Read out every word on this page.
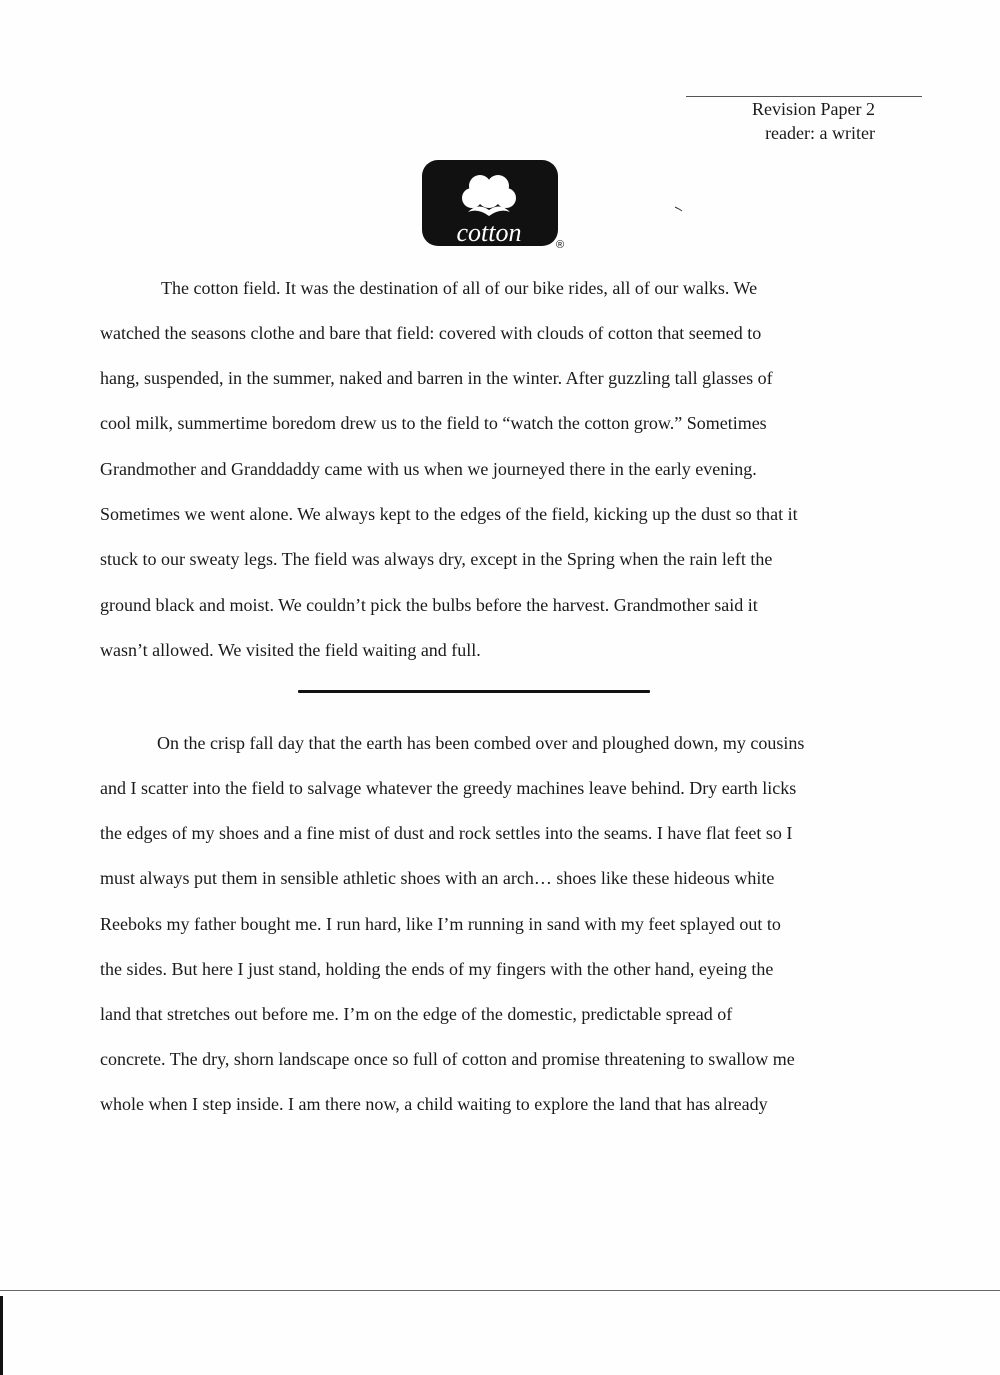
Revision Paper 2
reader: a writer
cotton	®
The cotton field. It was the destination of all of our bike rides, all of our walks. We
watched the seasons clothe and bare that field: covered with clouds of cotton that seemed to
hang, suspended, in the summer, naked and barren in the winter. After guzzling tall glasses of
cool milk, summertime boredom drew us to the field to “watch the cotton grow.” Sometimes
Grandmother and Granddaddy came with us when we journeyed there in the early evening.
Sometimes we went alone. We always kept to the edges of the field, kicking up the dust so that it
stuck to our sweaty legs. The field was always dry, except in the Spring when the rain left the
ground black and moist. We couldn’t pick the bulbs before the harvest. Grandmother said it
wasn’t allowed. We visited the field waiting and full.
On the crisp fall day that the earth has been combed over and ploughed down, my cousins
and I scatter into the field to salvage whatever the greedy machines leave behind. Dry earth licks
the edges of my shoes and a fine mist of dust and rock settles into the seams. I have flat feet so I
must always put them in sensible athletic shoes with an arch… shoes like these hideous white
Reeboks my father bought me. I run hard, like I’m running in sand with my feet splayed out to
the sides. But here I just stand, holding the ends of my fingers with the other hand, eyeing the
land that stretches out before me. I’m on the edge of the domestic, predictable spread of
concrete. The dry, shorn landscape once so full of cotton and promise threatening to swallow me
whole when I step inside. I am there now, a child waiting to explore the land that has already
